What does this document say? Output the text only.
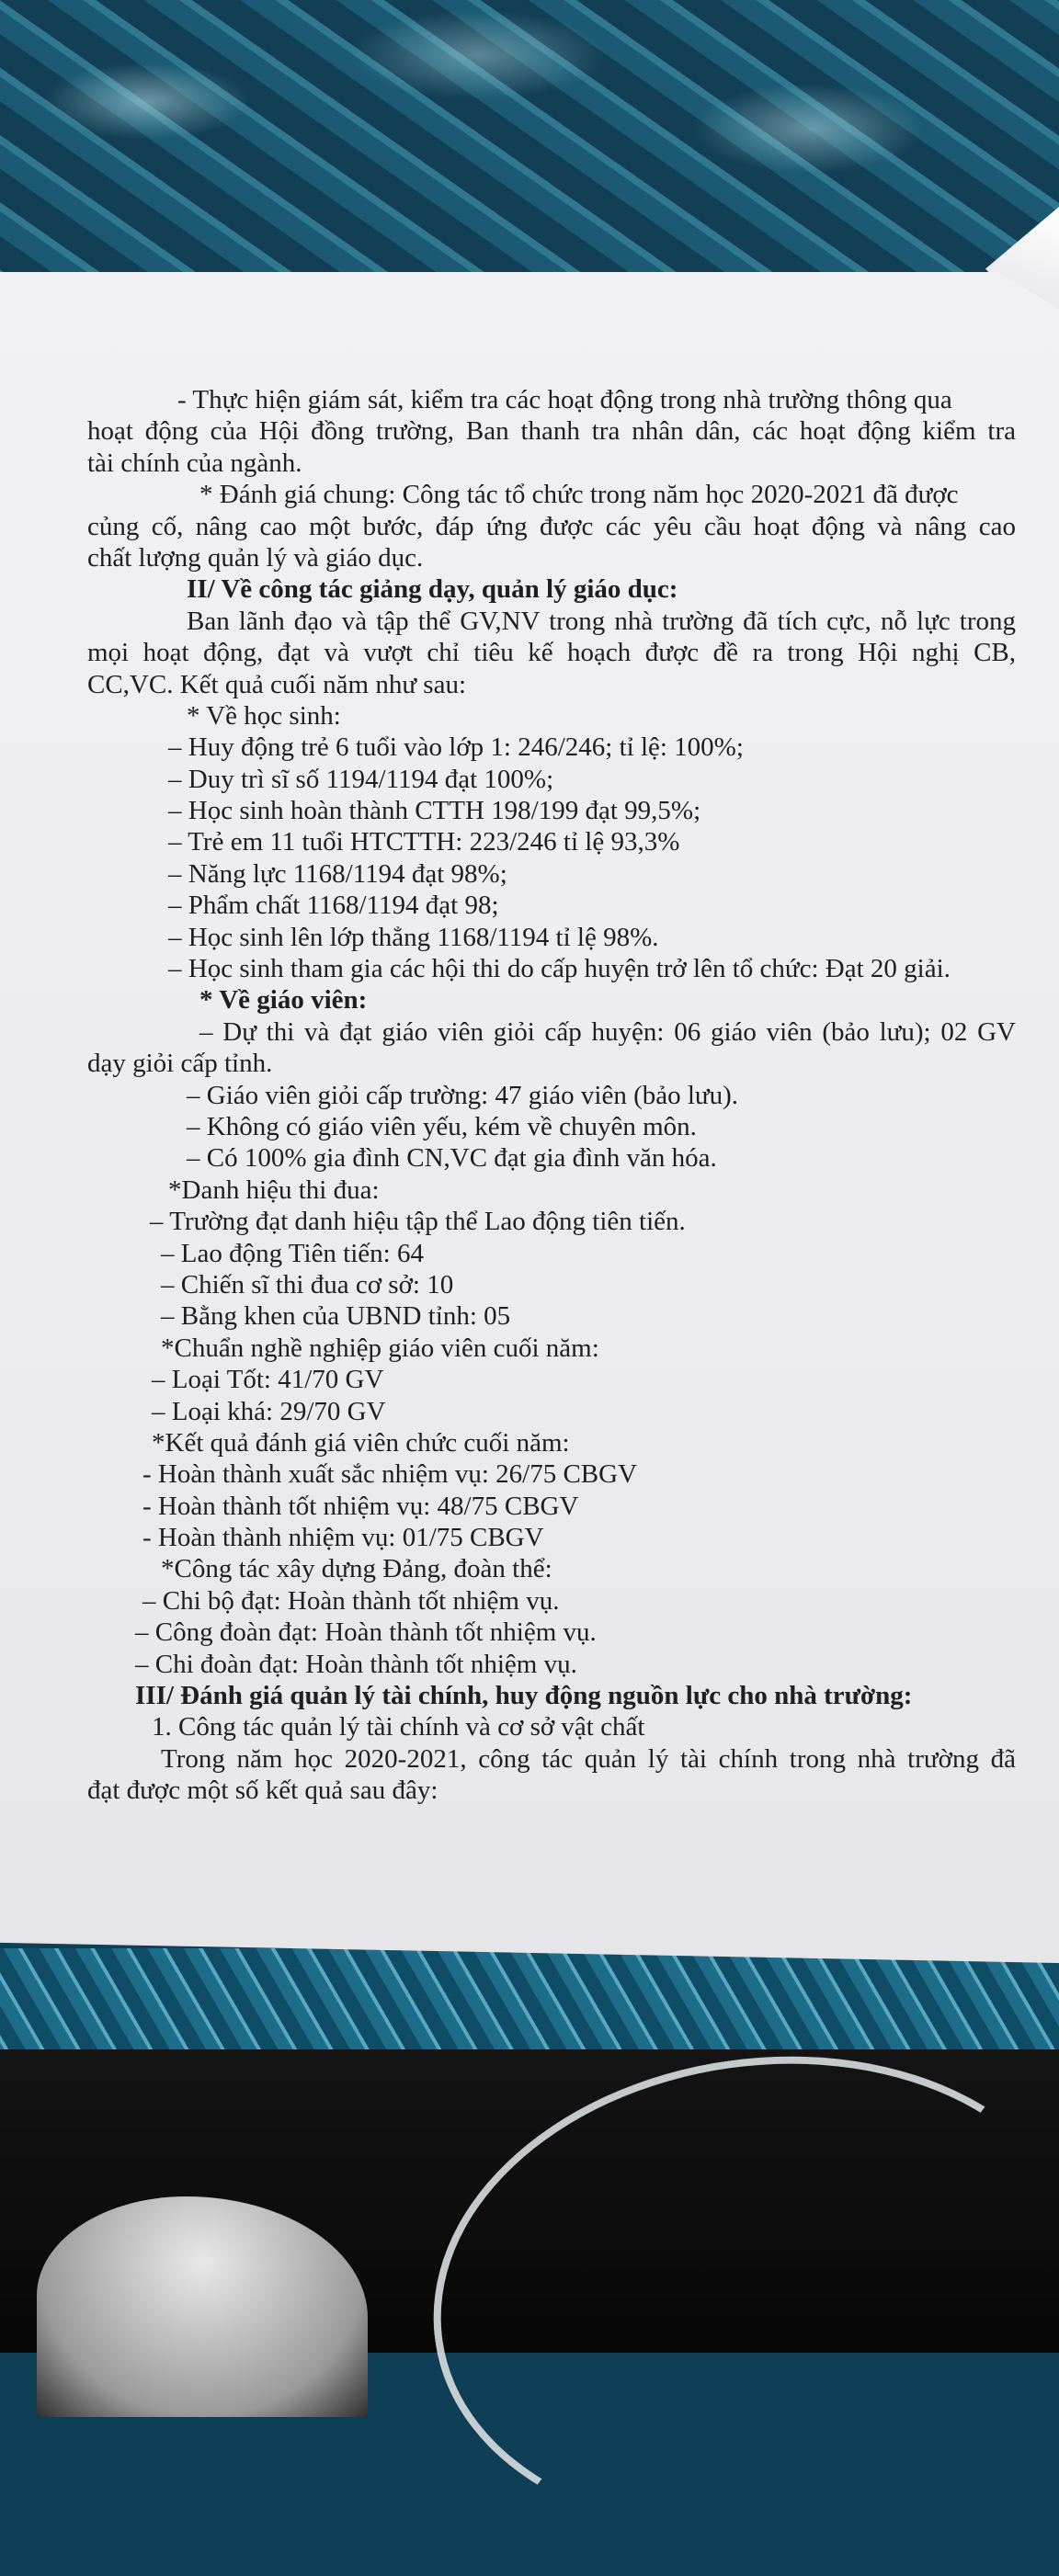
- Thực hiện giám sát, kiểm tra các hoạt động trong nhà trường thông qua
hoạt động của Hội đồng trường, Ban thanh tra nhân dân, các hoạt động kiểm tra
tài chính của ngành.
* Đánh giá chung: Công tác tổ chức trong năm học 2020-2021 đã được
củng cố, nâng cao một bước, đáp ứng được các yêu cầu hoạt động và nâng cao
chất lượng quản lý và giáo dục.
II/ Về công tác giảng dạy, quản lý giáo dục:
Ban lãnh đạo và tập thể GV,NV trong nhà trường đã tích cực, nỗ lực trong
mọi hoạt động, đạt và vượt chỉ tiêu kế hoạch được đề ra trong Hội nghị CB,
CC,VC. Kết quả cuối năm như sau:
* Về học sinh:
– Huy động trẻ 6 tuổi vào lớp 1: 246/246; tỉ lệ: 100%;
– Duy trì sĩ số 1194/1194 đạt 100%;
– Học sinh hoàn thành CTTH 198/199 đạt 99,5%;
– Trẻ em 11 tuổi HTCTTH: 223/246 tỉ lệ 93,3%
– Năng lực 1168/1194 đạt 98%;
– Phẩm chất 1168/1194 đạt 98;
– Học sinh lên lớp thẳng 1168/1194 tỉ lệ 98%.
– Học sinh tham gia các hội thi do cấp huyện trở lên tổ chức: Đạt 20 giải.
* Về giáo viên:
– Dự thi và đạt giáo viên giỏi cấp huyện: 06 giáo viên (bảo lưu); 02 GV
dạy giỏi cấp tỉnh.
– Giáo viên giỏi cấp trường: 47 giáo viên (bảo lưu).
– Không có giáo viên yếu, kém về chuyên môn.
– Có 100% gia đình CN,VC đạt gia đình văn hóa.
*Danh hiệu thi đua:
– Trường đạt danh hiệu tập thể Lao động tiên tiến.
– Lao động Tiên tiến: 64
– Chiến sĩ thi đua cơ sở: 10
– Bằng khen của UBND tỉnh: 05
*Chuẩn nghề nghiệp giáo viên cuối năm:
– Loại Tốt: 41/70 GV
– Loại khá: 29/70 GV
*Kết quả đánh giá viên chức cuối năm:
- Hoàn thành xuất sắc nhiệm vụ: 26/75 CBGV
- Hoàn thành tốt nhiệm vụ: 48/75 CBGV
- Hoàn thành nhiệm vụ: 01/75 CBGV
*Công tác xây dựng Đảng, đoàn thể:
– Chi bộ đạt: Hoàn thành tốt nhiệm vụ.
– Công đoàn đạt: Hoàn thành tốt nhiệm vụ.
– Chi đoàn đạt: Hoàn thành tốt nhiệm vụ.
III/ Đánh giá quản lý tài chính, huy động nguồn lực cho nhà trường:
1. Công tác quản lý tài chính và cơ sở vật chất
Trong năm học 2020-2021, công tác quản lý tài chính trong nhà trường đã
đạt được một số kết quả sau đây:
